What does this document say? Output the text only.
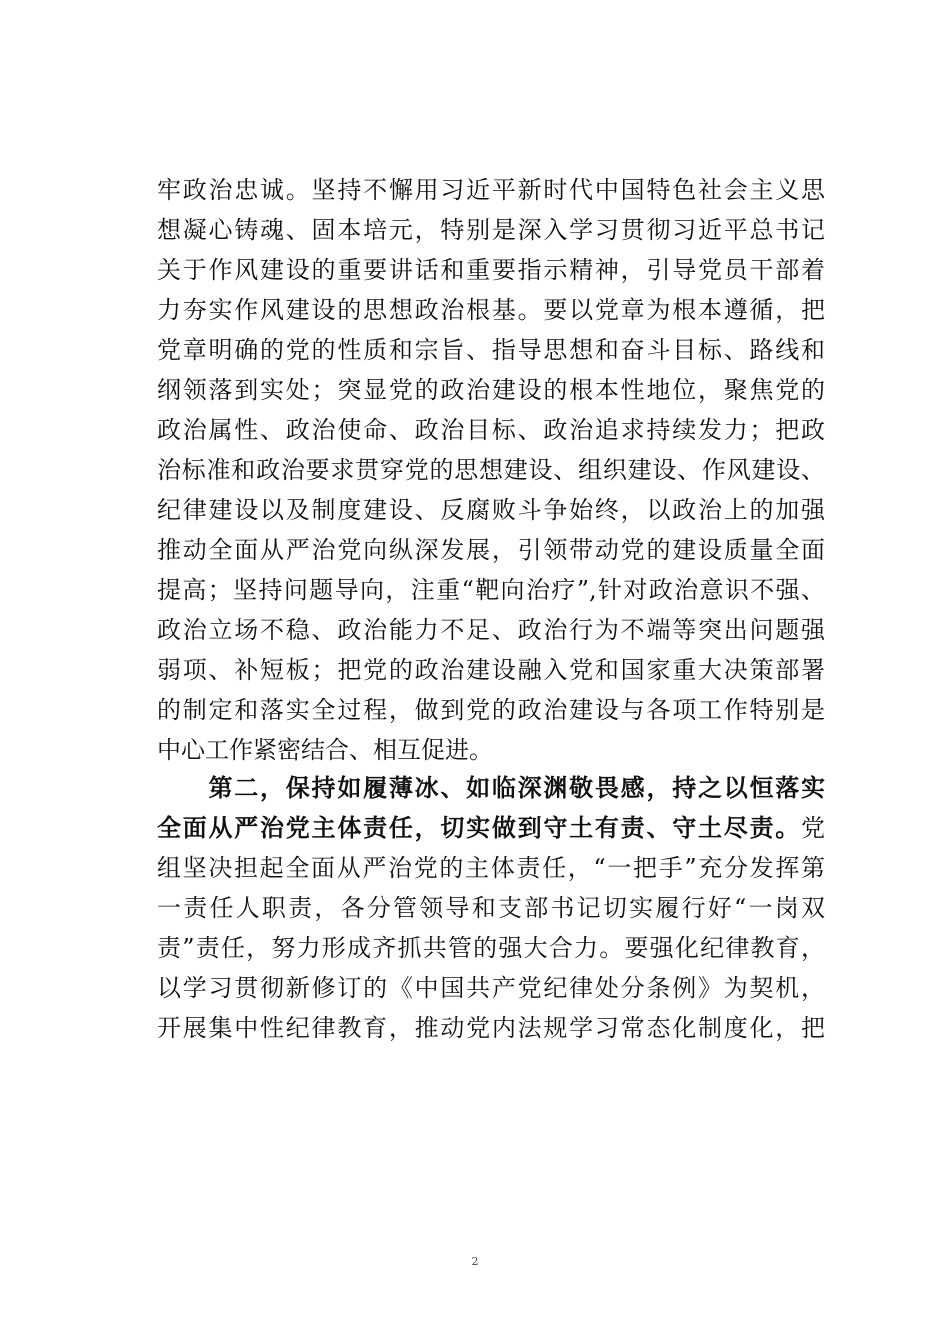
牢政治忠诚。坚持不懈用习近平新时代中国特色社会主义思
想凝心铸魂、固本培元，特别是深入学习贯彻习近平总书记
关于作风建设的重要讲话和重要指示精神，引导党员干部着
力夯实作风建设的思想政治根基。要以党章为根本遵循，把
党章明确的党的性质和宗旨、指导思想和奋斗目标、路线和
纲领落到实处；突显党的政治建设的根本性地位，聚焦党的
政治属性、政治使命、政治目标、政治追求持续发力；把政
治标准和政治要求贯穿党的思想建设、组织建设、作风建设、
纪律建设以及制度建设、反腐败斗争始终，以政治上的加强
推动全面从严治党向纵深发展，引领带动党的建设质量全面
提高；坚持问题导向，注重“靶向治疗”,针对政治意识不强、
政治立场不稳、政治能力不足、政治行为不端等突出问题强
弱项、补短板；把党的政治建设融入党和国家重大决策部署
的制定和落实全过程，做到党的政治建设与各项工作特别是
中心工作紧密结合、相互促进。
　　第二，保持如履薄冰、如临深渊敬畏感，持之以恒落实
全面从严治党主体责任，切实做到守土有责、守土尽责。党
组坚决担起全面从严治党的主体责任，“一把手”充分发挥第
一责任人职责，各分管领导和支部书记切实履行好“一岗双
责”责任，努力形成齐抓共管的强大合力。要强化纪律教育，
以学习贯彻新修订的《中国共产党纪律处分条例》为契机，
开展集中性纪律教育，推动党内法规学习常态化制度化，把
2
